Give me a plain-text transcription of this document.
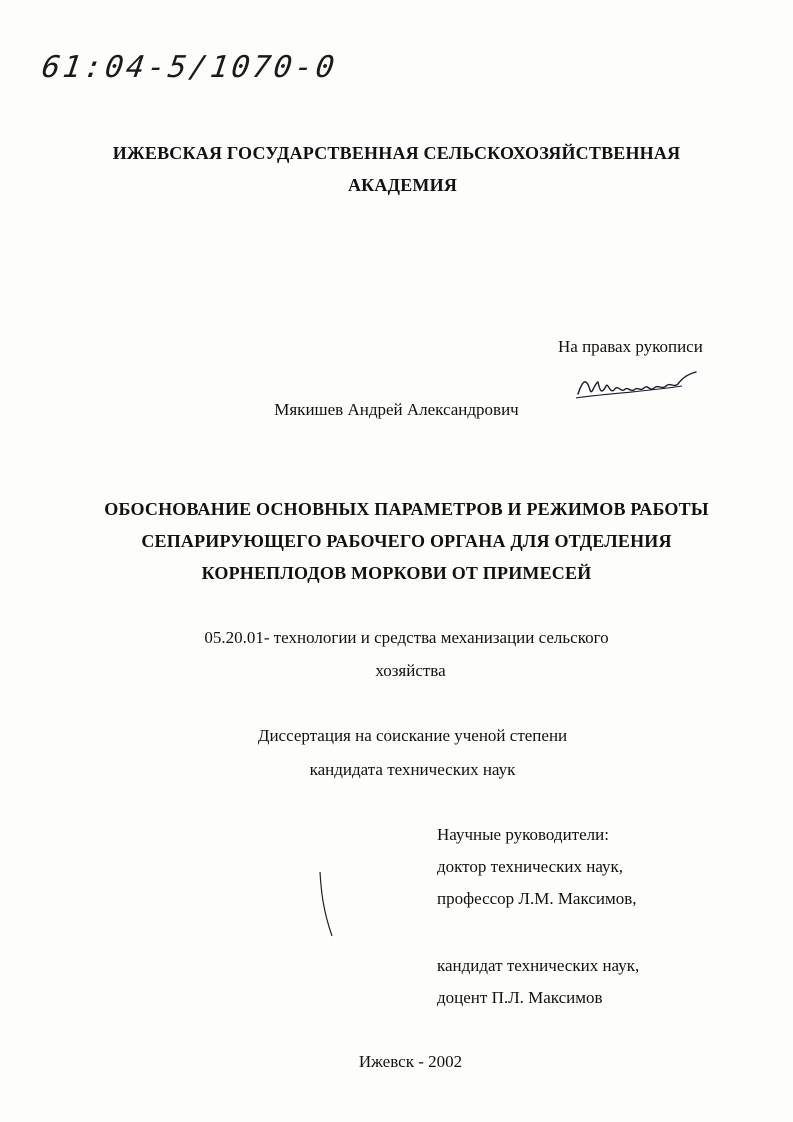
61:04-5/1070-0
ИЖЕВСКАЯ ГОСУДАРСТВЕННАЯ СЕЛЬСКОХОЗЯЙСТВЕННАЯ
АКАДЕМИЯ
На правах рукописи
Мякишев Андрей Александрович
ОБОСНОВАНИЕ ОСНОВНЫХ ПАРАМЕТРОВ И РЕЖИМОВ РАБОТЫ
СЕПАРИРУЮЩЕГО РАБОЧЕГО ОРГАНА ДЛЯ ОТДЕЛЕНИЯ
КОРНЕПЛОДОВ МОРКОВИ ОТ ПРИМЕСЕЙ
05.20.01- технологии и средства механизации сельского
хозяйства
Диссертация на соискание ученой степени
кандидата технических наук
Научные руководители:
доктор технических наук,
профессор Л.М. Максимов,
кандидат технических наук,
доцент П.Л. Максимов
Ижевск - 2002
